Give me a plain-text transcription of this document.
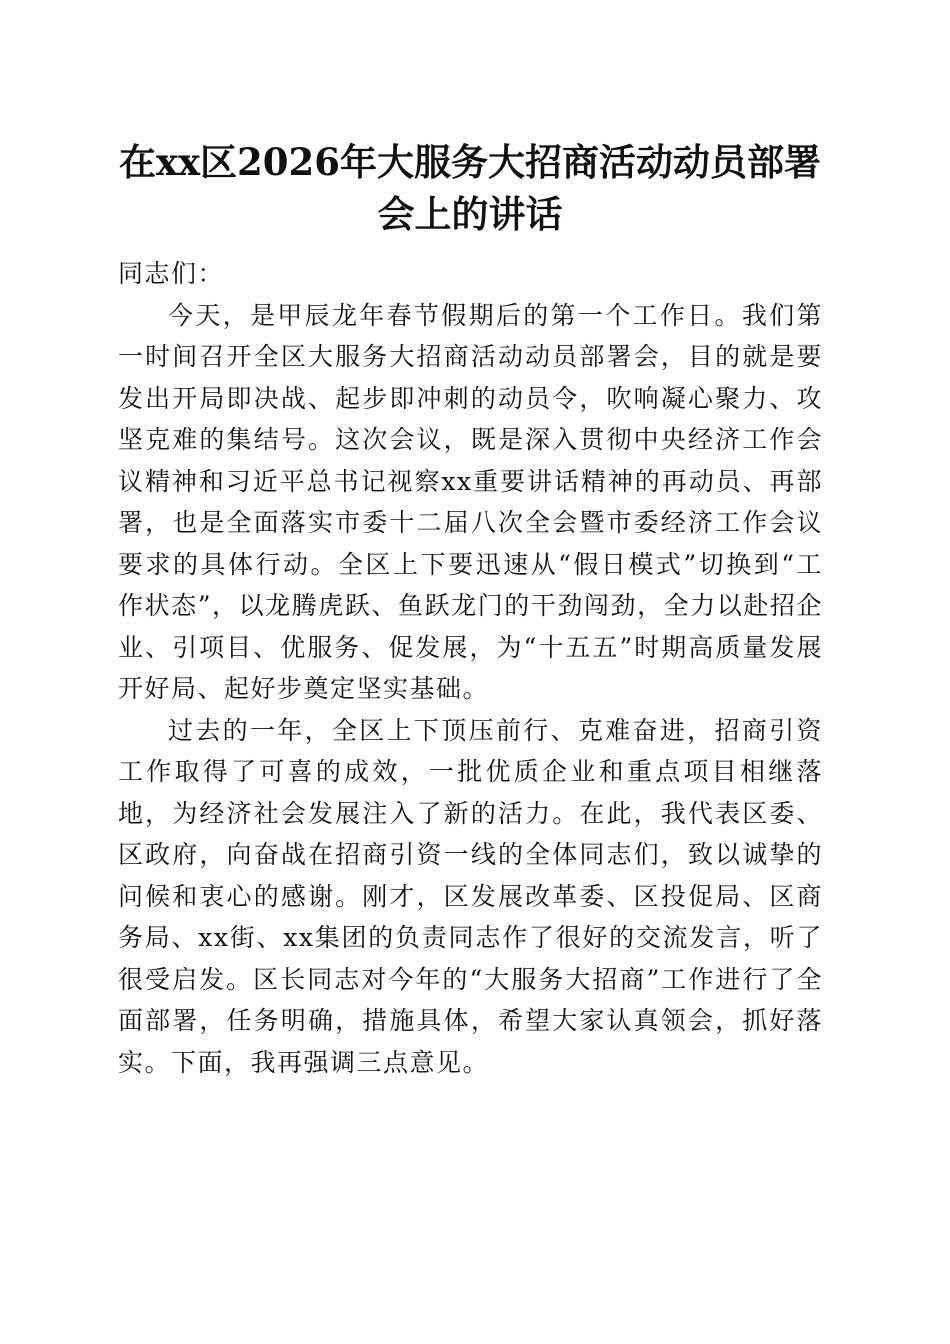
在xx区2026年大服务大招商活动动员部署会上的讲话

同志们：

今天，是甲辰龙年春节假期后的第一个工作日。我们第一时间召开全区大服务大招商活动动员部署会，目的就是要发出开局即决战、起步即冲刺的动员令，吹响凝心聚力、攻坚克难的集结号。这次会议，既是深入贯彻中央经济工作会议精神和习近平总书记视察xx重要讲话精神的再动员、再部署，也是全面落实市委十二届八次全会暨市委经济工作会议要求的具体行动。全区上下要迅速从“假日模式”切换到“工作状态”，以龙腾虎跃、鱼跃龙门的干劲闯劲，全力以赴招企业、引项目、优服务、促发展，为“十五五”时期高质量发展开好局、起好步奠定坚实基础。

过去的一年，全区上下顶压前行、克难奋进，招商引资工作取得了可喜的成效，一批优质企业和重点项目相继落地，为经济社会发展注入了新的活力。在此，我代表区委、区政府，向奋战在招商引资一线的全体同志们，致以诚挚的问候和衷心的感谢。刚才，区发展改革委、区投促局、区商务局、xx街、xx集团的负责同志作了很好的交流发言，听了很受启发。区长同志对今年的“大服务大招商”工作进行了全面部署，任务明确，措施具体，希望大家认真领会，抓好落实。下面，我再强调三点意见。
